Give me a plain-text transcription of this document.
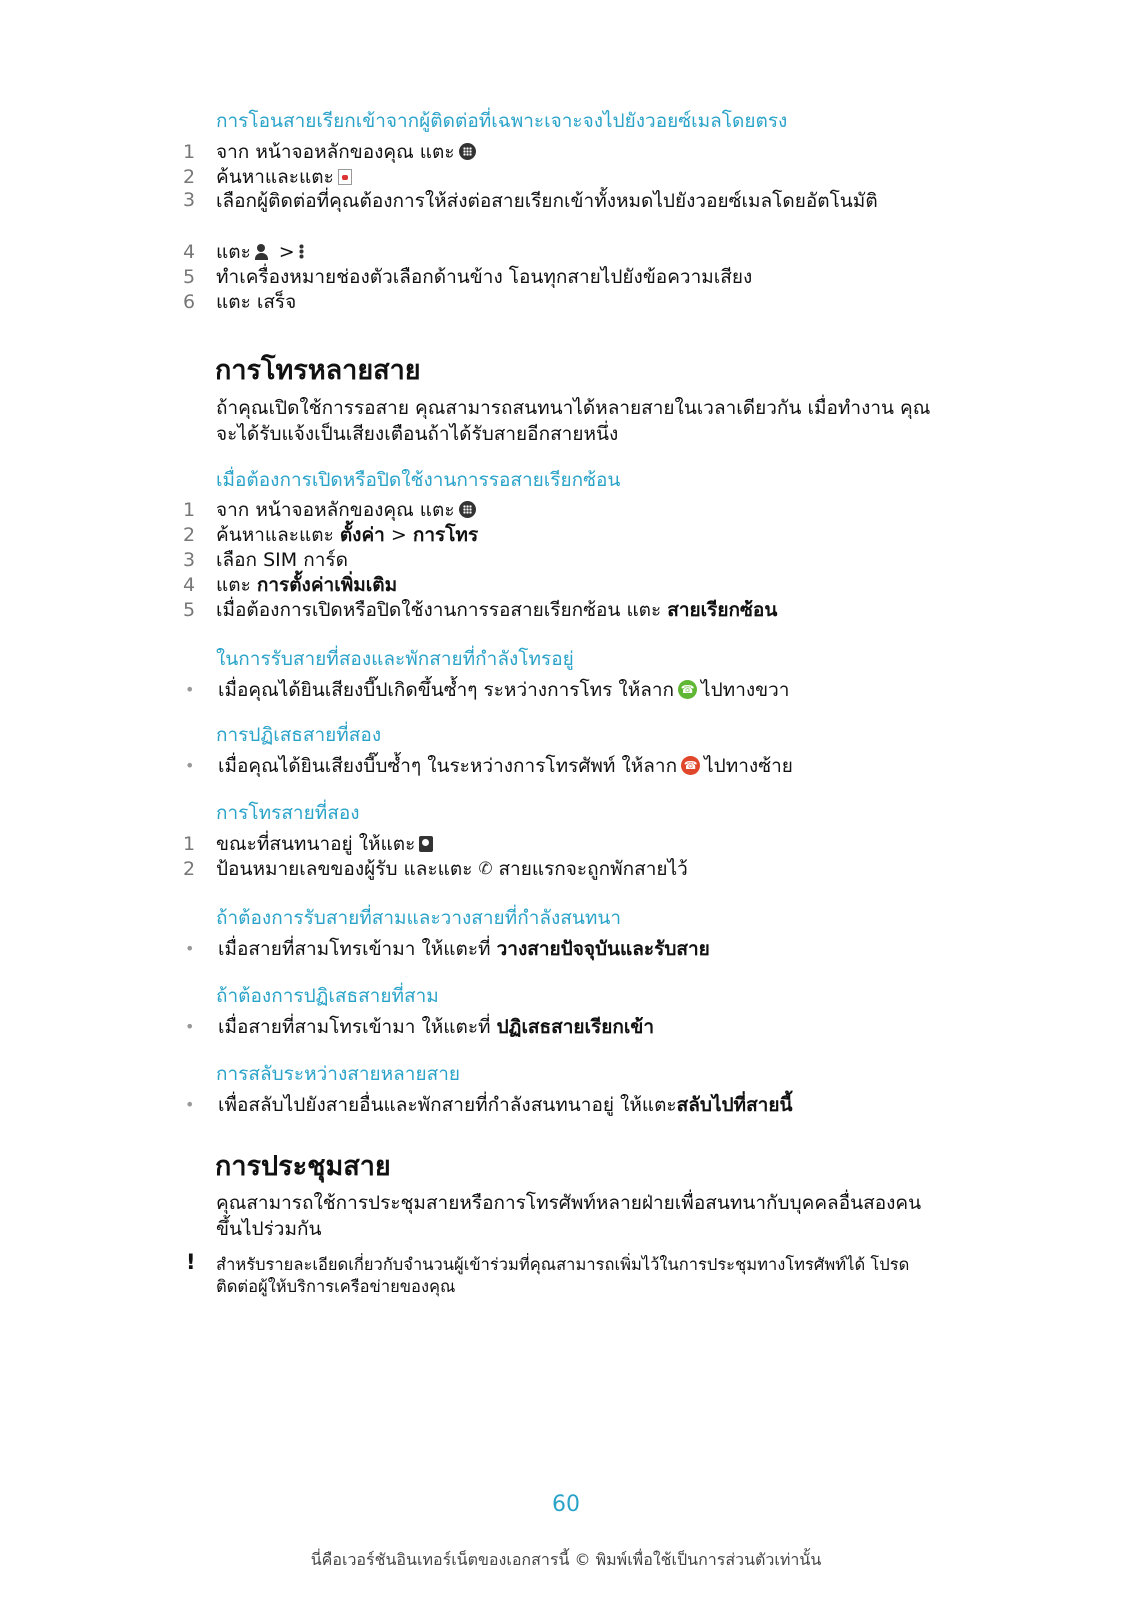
การโอนสายเรียกเข้าจากผู้ติดต่อที่เฉพาะเจาะจงไปยังวอยซ์เมลโดยตรง
1	จาก หน้าจอหลักของคุณ แตะ
2	ค้นหาและแตะ
3	เลือกผู้ติดต่อที่คุณต้องการให้ส่งต่อสายเรียกเข้าทั้งหมดไปยังวอยซ์เมลโดยอัตโนมัติ
4	แตะ >
5	ทำเครื่องหมายช่องตัวเลือกด้านข้าง โอนทุกสายไปยังข้อความเสียง
6	แตะ เสร็จ
การโทรหลายสาย
ถ้าคุณเปิดใช้การรอสาย คุณสามารถสนทนาได้หลายสายในเวลาเดียวกัน เมื่อทำงาน คุณจะได้รับแจ้งเป็นเสียงเตือนถ้าได้รับสายอีกสายหนึ่ง
เมื่อต้องการเปิดหรือปิดใช้งานการรอสายเรียกซ้อน
1	จาก หน้าจอหลักของคุณ แตะ
2	ค้นหาและแตะ
ตั้งค่า
>
การโทร
3	เลือก SIM การ์ด
4	แตะ
การตั้งค่าเพิ่มเติม
5	เมื่อต้องการเปิดหรือปิดใช้งานการรอสายเรียกซ้อน แตะ
สายเรียกซ้อน
ในการรับสายที่สองและพักสายที่กำลังโทรอยู่
•	เมื่อคุณได้ยินเสียงบี๊ปเกิดขึ้นซ้ำๆ ระหว่างการโทร ให้ลาก ☎ ไปทางขวา
การปฏิเสธสายที่สอง
•	เมื่อคุณได้ยินเสียงบี๊บซ้ำๆ ในระหว่างการโทรศัพท์ ให้ลาก ☎ ไปทางซ้าย
การโทรสายที่สอง
1	ขณะที่สนทนาอยู่ ให้แตะ
2	ป้อนหมายเลขของผู้รับ และแตะ ✆ สายแรกจะถูกพักสายไว้
ถ้าต้องการรับสายที่สามและวางสายที่กำลังสนทนา
•	เมื่อสายที่สามโทรเข้ามา ให้แตะที่
วางสายปัจจุบันและรับสาย
ถ้าต้องการปฏิเสธสายที่สาม
•	เมื่อสายที่สามโทรเข้ามา ให้แตะที่
ปฏิเสธสายเรียกเข้า
การสลับระหว่างสายหลายสาย
•	เพื่อสลับไปยังสายอื่นและพักสายที่กำลังสนทนาอยู่ ให้แตะ สลับไปที่สายนี้
การประชุมสาย
คุณสามารถใช้การประชุมสายหรือการโทรศัพท์หลายฝ่ายเพื่อสนทนากับบุคคลอื่นสองคนขึ้นไปร่วมกัน
! สำหรับรายละเอียดเกี่ยวกับจำนวนผู้เข้าร่วมที่คุณสามารถเพิ่มไว้ในการประชุมทางโทรศัพท์ได้ โปรดติดต่อผู้ให้บริการเครือข่ายของคุณ
60
นี่คือเวอร์ชันอินเทอร์เน็ตของเอกสารนี้ © พิมพ์เพื่อใช้เป็นการส่วนตัวเท่านั้น
